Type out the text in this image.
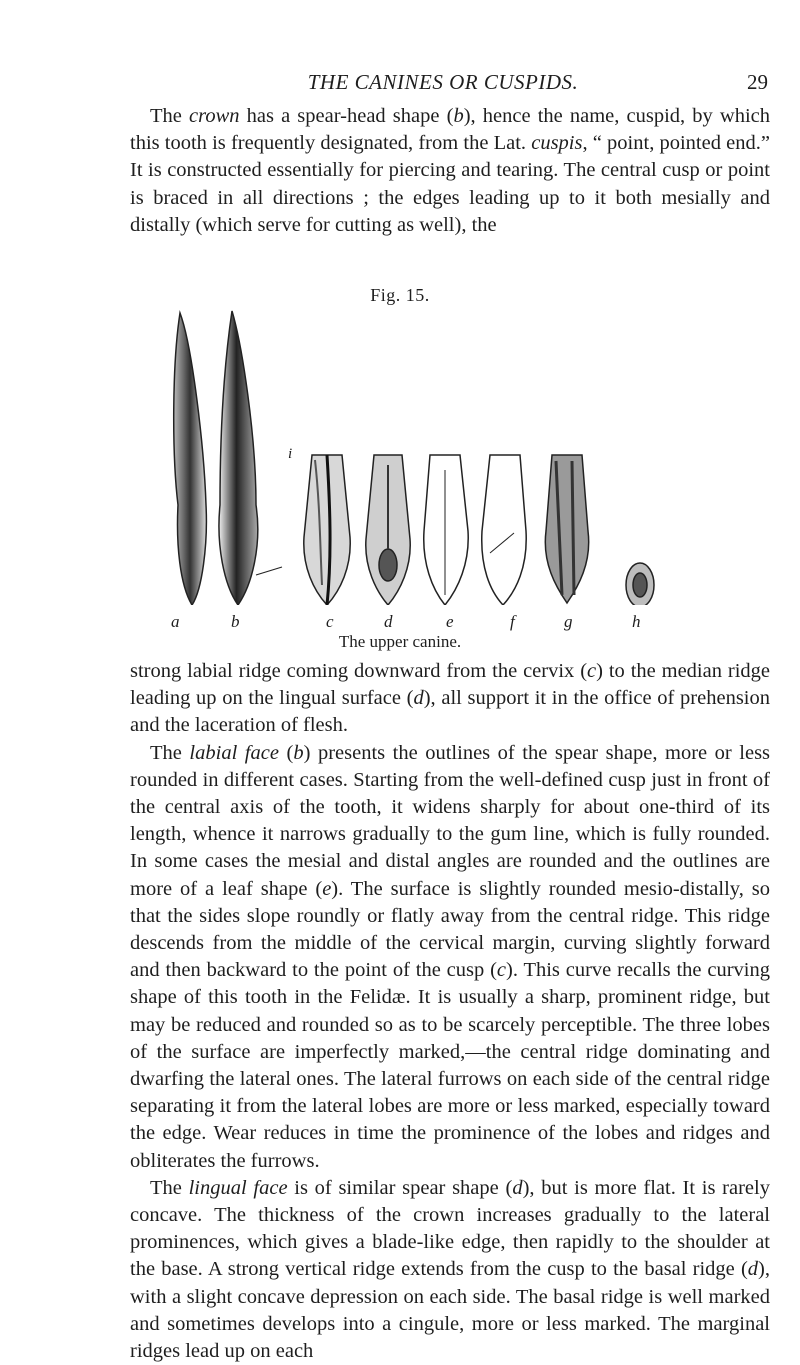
THE CANINES OR CUSPIDS.	29

The crown has a spear-head shape (b), hence the name, cuspid, by which this tooth is frequently designated, from the Lat. cuspis, “ point, pointed end.” It is constructed essentially for piercing and tearing. The central cusp or point is braced in all directions ; the edges leading up to it both mesially and distally (which serve for cutting as well), the

Fig. 15.
i
a	b	c	d	e	f	g	h
The upper canine.

strong labial ridge coming downward from the cervix (c) to the median ridge leading up on the lingual surface (d), all support it in the office of prehension and the laceration of flesh.

The labial face (b) presents the outlines of the spear shape, more or less rounded in different cases. Starting from the well-defined cusp just in front of the central axis of the tooth, it widens sharply for about one-third of its length, whence it narrows gradually to the gum line, which is fully rounded. In some cases the mesial and distal angles are rounded and the outlines are more of a leaf shape (e). The surface is slightly rounded mesio-distally, so that the sides slope roundly or flatly away from the central ridge. This ridge descends from the middle of the cervical margin, curving slightly forward and then backward to the point of the cusp (c). This curve recalls the curving shape of this tooth in the Felidæ. It is usually a sharp, prominent ridge, but may be reduced and rounded so as to be scarcely perceptible. The three lobes of the surface are imperfectly marked,—the central ridge dominating and dwarfing the lateral ones. The lateral furrows on each side of the central ridge separating it from the lateral lobes are more or less marked, especially toward the edge. Wear reduces in time the prominence of the lobes and ridges and obliterates the furrows.

The lingual face is of similar spear shape (d), but is more flat. It is rarely concave. The thickness of the crown increases gradually to the lateral prominences, which gives a blade-like edge, then rapidly to the shoulder at the base. A strong vertical ridge extends from the cusp to the basal ridge (d), with a slight concave depression on each side. The basal ridge is well marked and sometimes develops into a cingule, more or less marked. The marginal ridges lead up on each
